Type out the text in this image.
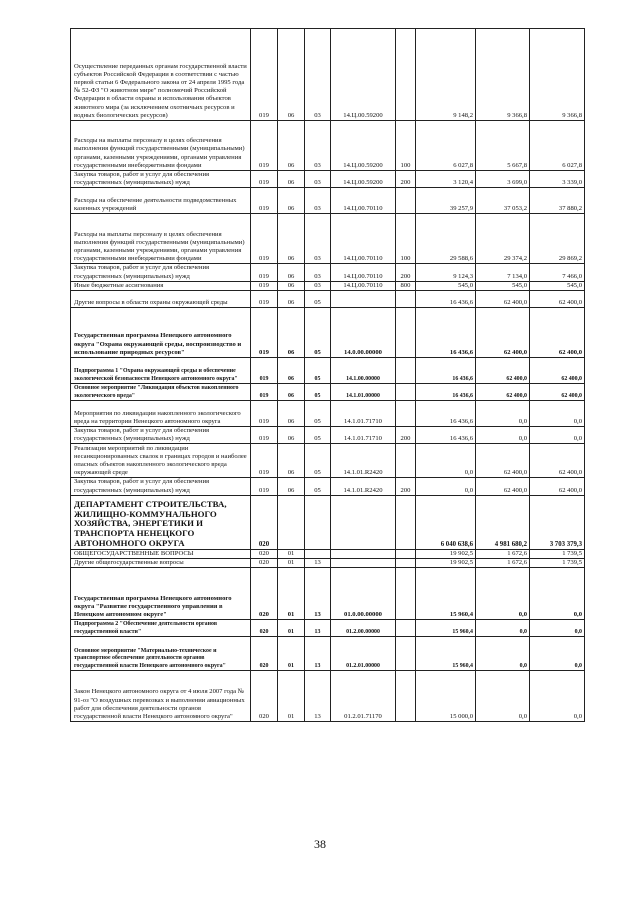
Осуществление переданных органам государственной власти субъектов Российской Федерации в соответствии с частью первой статьи 6 Федерального закона от 24 апреля 1995 года № 52-ФЗ "О животном мире" полномочий Российской Федерации в области охраны и использования объектов животного мира (за исключением охотничьих ресурсов и водных биологических ресурсов)	019	06	03	14.Ц.00.59200		9 148,2	9 366,8	9 366,8
Расходы на выплаты персоналу в целях обеспечения выполнения функций государственными (муниципальными) органами, казенными учреждениями, органами управления государственными внебюджетными фондами	019	06	03	14.Ц.00.59200	100	6 027,8	5 667,8	6 027,8
Закупка товаров, работ и услуг для обеспечения государственных (муниципальных) нужд	019	06	03	14.Ц.00.59200	200	3 120,4	3 699,0	3 339,0
Расходы на обеспечение деятельности подведомственных казенных учреждений	019	06	03	14.Ц.00.70110		39 257,9	37 053,2	37 880,2
Расходы на выплаты персоналу в целях обеспечения выполнения функций государственными (муниципальными) органами, казенными учреждениями, органами управления государственными внебюджетными фондами	019	06	03	14.Ц.00.70110	100	29 588,6	29 374,2	29 869,2
Закупка товаров, работ и услуг для обеспечения государственных (муниципальных) нужд	019	06	03	14.Ц.00.70110	200	9 124,3	7 134,0	7 466,0
Иные бюджетные ассигнования	019	06	03	14.Ц.00.70110	800	545,0	545,0	545,0
Другие вопросы в области охраны окружающей среды	019	06	05			16 436,6	62 400,0	62 400,0
Государственная программа Ненецкого автономного округа "Охрана окружающей среды, воспроизводство и использование природных ресурсов"	019	06	05	14.0.00.00000		16 436,6	62 400,0	62 400,0
Подпрограмма 1 "Охрана окружающей среды и обеспечение экологической безопасности Ненецкого автономного округа"	019	06	05	14.1.00.00000		16 436,6	62 400,0	62 400,0
Основное мероприятие "Ликвидация объектов накопленного экологического вреда"	019	06	05	14.1.01.00000		16 436,6	62 400,0	62 400,0
Мероприятия по ликвидации накопленного экологического вреда на территории Ненецкого автономного округа	019	06	05	14.1.01.71710		16 436,6	0,0	0,0
Закупка товаров, работ и услуг для обеспечения государственных (муниципальных) нужд	019	06	05	14.1.01.71710	200	16 436,6	0,0	0,0
Реализация мероприятий по ликвидации несанкционированных свалок в границах городов и наиболее опасных объектов накопленного экологического вреда окружающей среде	019	06	05	14.1.01.R2420		0,0	62 400,0	62 400,0
Закупка товаров, работ и услуг для обеспечения государственных (муниципальных) нужд	019	06	05	14.1.01.R2420	200	0,0	62 400,0	62 400,0
ДЕПАРТАМЕНТ СТРОИТЕЛЬСТВА, ЖИЛИЩНО-КОММУНАЛЬНОГО ХОЗЯЙСТВА, ЭНЕРГЕТИКИ И ТРАНСПОРТА НЕНЕЦКОГО АВТОНОМНОГО ОКРУГА	020					6 040 638,6	4 981 680,2	3 703 379,3
ОБЩЕГОСУДАРСТВЕННЫЕ ВОПРОСЫ	020	01				19 902,5	1 672,6	1 739,5
Другие общегосударственные вопросы	020	01	13			19 902,5	1 672,6	1 739,5
Государственная программа Ненецкого автономного округа "Развитие государственного управления в Ненецком автономном округе"	020	01	13	01.0.00.00000		15 960,4	0,0	0,0
Подпрограмма 2 "Обеспечение деятельности органов государственной власти"	020	01	13	01.2.00.00000		15 960,4	0,0	0,0
Основное мероприятие "Материально-техническое и транспортное обеспечение деятельности органов государственной власти Ненецкого автономного округа"	020	01	13	01.2.01.00000		15 960,4	0,0	0,0
Закон Ненецкого автономного округа от 4 июля 2007 года № 91-оз "О воздушных перевозках и выполнении авиационных работ для обеспечения деятельности органов государственной власти Ненецкого автономного округа"	020	01	13	01.2.01.71170		15 000,0	0,0	0,0
38
